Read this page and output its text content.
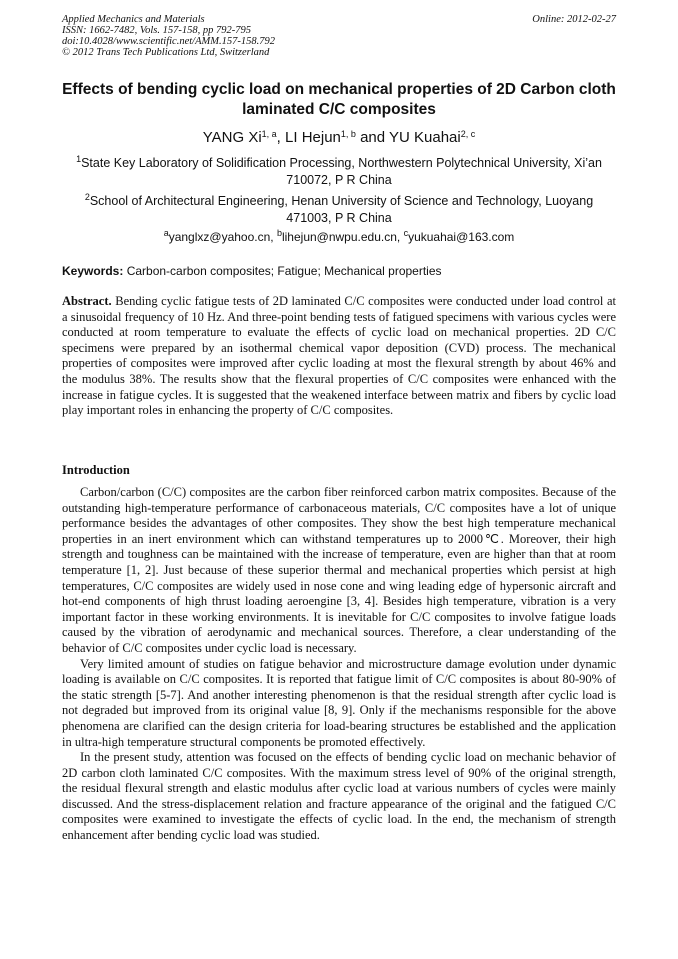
Applied Mechanics and Materials
ISSN: 1662-7482, Vols. 157-158, pp 792-795
doi:10.4028/www.scientific.net/AMM.157-158.792
© 2012 Trans Tech Publications Ltd, Switzerland
Online: 2012-02-27
Effects of bending cyclic load on mechanical properties of 2D Carbon cloth laminated C/C composites
YANG Xi$^{1, a}$, LI Hejun$^{1, b}$ and YU Kuahai$^{2, c}$
$^1$State Key Laboratory of Solidification Processing, Northwestern Polytechnical University, Xi’an 710072, P R China
$^2$School of Architectural Engineering, Henan University of Science and Technology, Luoyang 471003, P R China
$^a$yanglxz@yahoo.cn, $^b$lihejun@nwpu.edu.cn, $^c$yukuahai@163.com
Keywords: Carbon-carbon composites; Fatigue; Mechanical properties
Abstract. Bending cyclic fatigue tests of 2D laminated C/C composites were conducted under load control at a sinusoidal frequency of 10 Hz. And three-point bending tests of fatigued specimens with various cycles were conducted at room temperature to evaluate the effects of cyclic load on mechanical properties. 2D C/C specimens were prepared by an isothermal chemical vapor deposition (CVD) process. The mechanical properties of composites were improved after cyclic loading at most the flexural strength by about 46% and the modulus 38%. The results show that the flexural properties of C/C composites were enhanced with the increase in fatigue cycles. It is suggested that the weakened interface between matrix and fibers by cyclic load play important roles in enhancing the property of C/C composites.
Introduction

Carbon/carbon (C/C) composites are the carbon fiber reinforced carbon matrix composites. Because of the outstanding high-temperature performance of carbonaceous materials, C/C composites have a lot of unique performance besides the advantages of other composites. They show the best high temperature mechanical properties in an inert environment which can withstand temperatures up to 2000℃. Moreover, their high strength and toughness can be maintained with the increase of temperature, even are higher than that at room temperature [1, 2]. Just because of these superior thermal and mechanical properties which persist at high temperatures, C/C composites are widely used in nose cone and wing leading edge of hypersonic aircraft and hot-end components of high thrust loading aeroengine [3, 4]. Besides high temperature, vibration is a very important factor in these working environments. It is inevitable for C/C composites to involve fatigue loads caused by the vibration of aerodynamic and mechanical sources. Therefore, a clear understanding of the behavior of C/C composites under cyclic load is necessary.

Very limited amount of studies on fatigue behavior and microstructure damage evolution under dynamic loading is available on C/C composites. It is reported that fatigue limit of C/C composites is about 80-90% of the static strength [5-7]. And another interesting phenomenon is that the residual strength after cyclic load is not degraded but improved from its original value [8, 9]. Only if the mechanisms responsible for the above phenomena are clarified can the design criteria for load-bearing structures be established and the application in ultra-high temperature structural components be promoted effectively.

In the present study, attention was focused on the effects of bending cyclic load on mechanic behavior of 2D carbon cloth laminated C/C composites. With the maximum stress level of 90% of the original strength, the residual flexural strength and elastic modulus after cyclic load at various numbers of cycles were mainly discussed. And the stress-displacement relation and fracture appearance of the original and the fatigued C/C composites were examined to investigate the effects of cyclic load. In the end, the mechanism of strength enhancement after bending cyclic load was studied.
